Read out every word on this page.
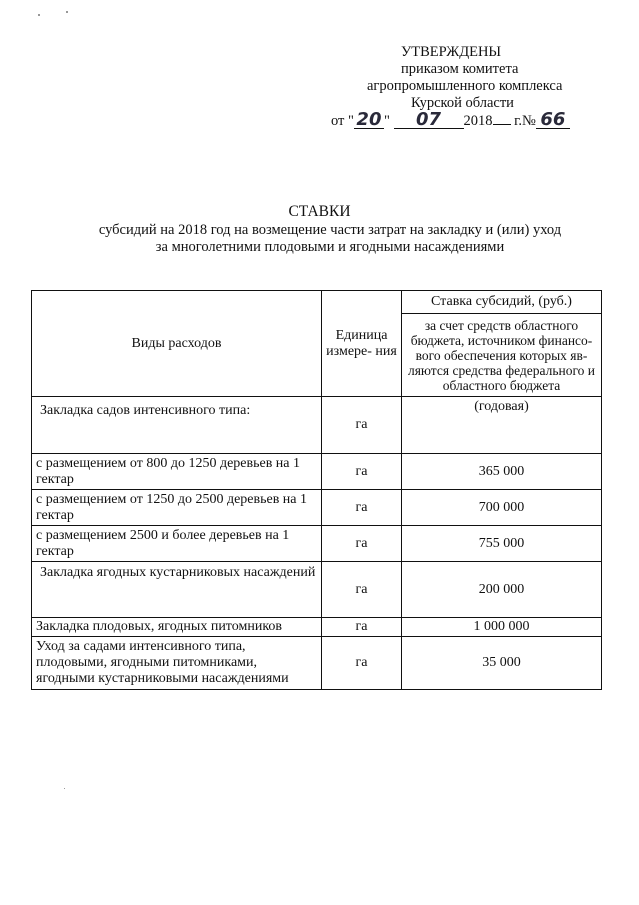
УТВЕРЖДЕНЫ
приказом комитета
агропромышленного комплекса
Курской области
от " 20 " 07 2018 г.№ 66
СТАВКИ
субсидий на 2018 год на возмещение части затрат на закладку и (или) уход
за многолетними плодовыми и ягодными насаждениями
Виды расходов	Единица измере- ния	Ставка субсидий, (руб.)
		за счет средств областного бюджета, источником финансо- вого обеспечения которых яв- ляются средства федерального и областного бюджета
Закладка садов интенсивного типа:	га	(годовая)
с размещением от 800 до 1250 деревьев на 1 гектар	га	365 000
с размещением от 1250 до 2500 деревьев на 1 гектар	га	700 000
с размещением 2500 и более деревьев на 1 гектар	га	755 000
Закладка ягодных кустарниковых насаждений	га	200 000
Закладка плодовых, ягодных питомников	га	1 000 000
Уход за садами интенсивного типа, плодовыми, ягодными питомниками, ягодными кустарниковыми насаждениями	га	35 000
